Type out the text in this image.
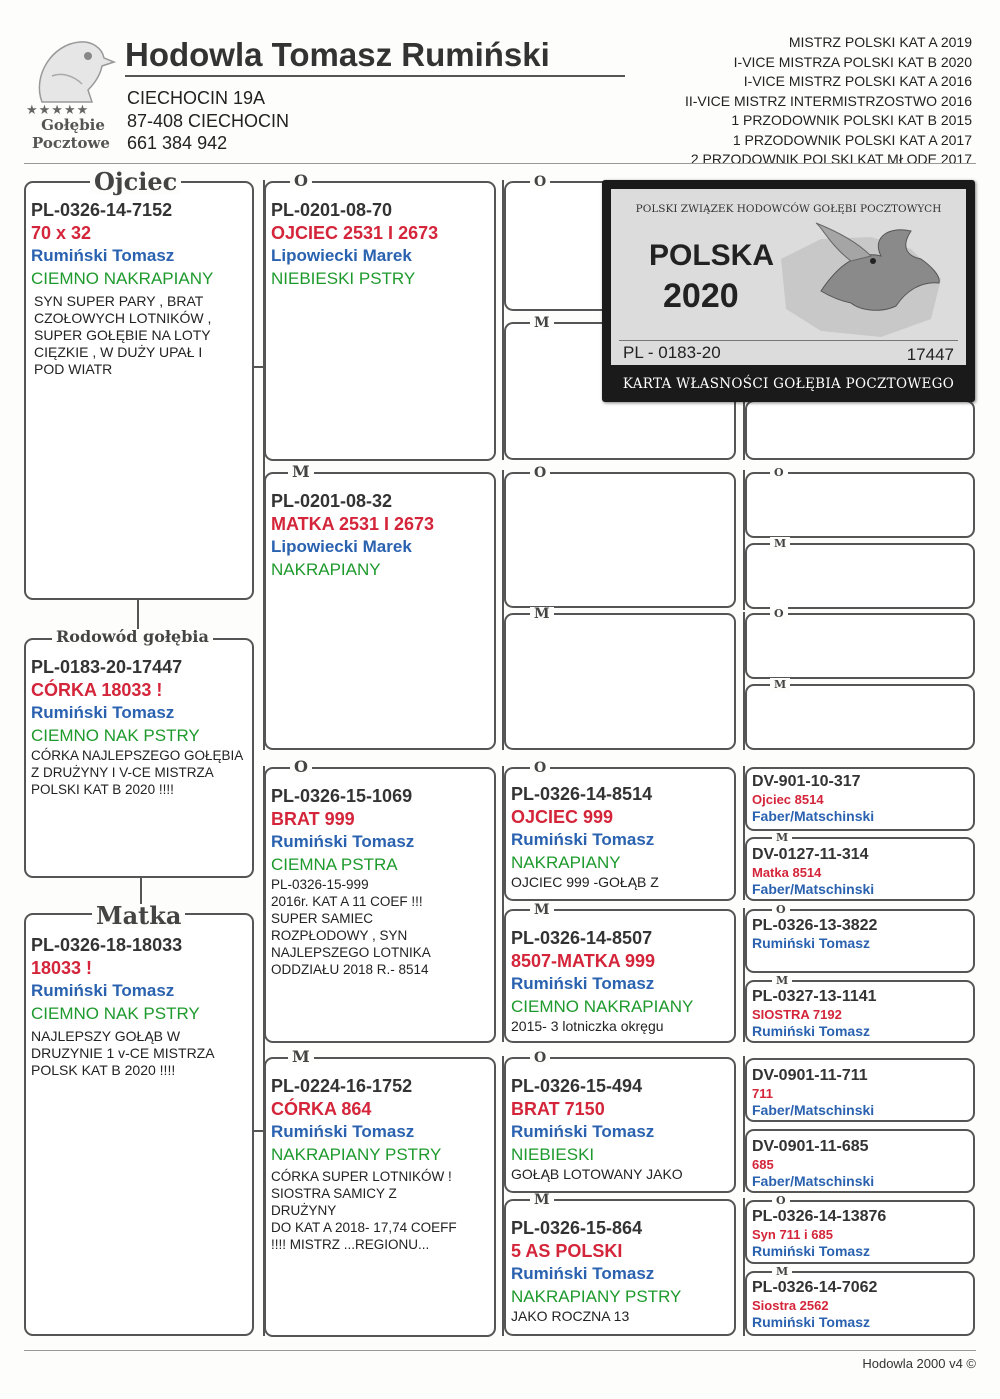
★★★★★
Gołębie
Pocztowe
Hodowla Tomasz Rumiński
CIECHOCIN 19A
87-408 CIECHOCIN
661 384 942
MISTRZ POLSKI KAT A 2019
I-VICE MISTRZA POLSKI KAT B 2020
I-VICE MISTRZ POLSKI KAT A 2016
II-VICE MISTRZ INTERMISTRZOSTWO 2016
1 PRZODOWNIK POLSKI KAT B 2015
1 PRZODOWNIK POLSKI KAT A 2017
2 PRZODOWNIK POLSKI KAT MŁODE 2017
PL-0326-14-7152
70 x 32
Rumiński Tomasz
CIEMNO NAKRAPIANY
SYN SUPER PARY , BRAT
CZOŁOWYCH LOTNIKÓW ,
SUPER GOŁĘBIE NA LOTY
CIĘZKIE , W DUŻY UPAŁ I
POD WIATR
Ojciec
PL-0183-20-17447
CÓRKA 18033 !
Rumiński Tomasz
CIEMNO NAK PSTRY
CÓRKA NAJLEPSZEGO GOŁĘBIA Z DRUŻYNY I V-CE MISTRZA POLSKI KAT B 2020 !!!!
Rodowód gołębia
PL-0326-18-18033
18033 !
Rumiński Tomasz
CIEMNO NAK PSTRY
NAJLEPSZY GOŁĄB W
DRUZYNIE 1 v-CE MISTRZA
POLSK KAT B 2020 !!!!
Matka
PL-0201-08-70
OJCIEC 2531 I 2673
Lipowiecki Marek
NIEBIESKI PSTRY
O
PL-0201-08-32
MATKA 2531 I 2673
Lipowiecki Marek
NAKRAPIANY
M
PL-0326-15-1069
BRAT 999
Rumiński Tomasz
CIEMNA PSTRA
PL-0326-15-999
2016r. KAT A 11 COEF !!!
SUPER SAMIEC
ROZPŁODOWY , SYN
NAJLEPSZEGO LOTNIKA
ODDZIAŁU 2018 R.- 8514
O
PL-0224-16-1752
CÓRKA 864
Rumiński Tomasz
NAKRAPIANY PSTRY
CÓRKA SUPER LOTNIKÓW !
SIOSTRA SAMICY Z
DRUŻYNY
DO KAT A 2018- 17,74 COEFF
!!!! MISTRZ ...REGIONU...
M
O
M
O
M
PL-0326-14-8514
OJCIEC 999
Rumiński Tomasz
NAKRAPIANY
OJCIEC 999 -GOŁĄB Z
O
PL-0326-14-8507
8507-MATKA 999
Rumiński Tomasz
CIEMNO NAKRAPIANY
2015- 3 lotniczka okręgu
M
PL-0326-15-494
BRAT 7150
Rumiński Tomasz
NIEBIESKI
GOŁĄB LOTOWANY JAKO
O
PL-0326-15-864
5 AS POLSKI
Rumiński Tomasz
NAKRAPIANY PSTRY
JAKO ROCZNA 13
M
O
M
O
M
DV-901-10-317
Ojciec 8514
Faber/Matschinski
DV-0127-11-314
Matka 8514
Faber/Matschinski
M
PL-0326-13-3822
Rumiński Tomasz
O
PL-0327-13-1141
SIOSTRA 7192
Rumiński Tomasz
M
DV-0901-11-711
711
Faber/Matschinski
DV-0901-11-685
685
Faber/Matschinski
PL-0326-14-13876
Syn 711 i 685
Rumiński Tomasz
O
PL-0326-14-7062
Siostra 2562
Rumiński Tomasz
M
POLSKI ZWIĄZEK HODOWCÓW GOŁĘBI POCZTOWYCH
POLSKA
2020
PL - 0183-20	17447
KARTA WŁASNOŚCI GOŁĘBIA POCZTOWEGO
Hodowla 2000 v4 ©
